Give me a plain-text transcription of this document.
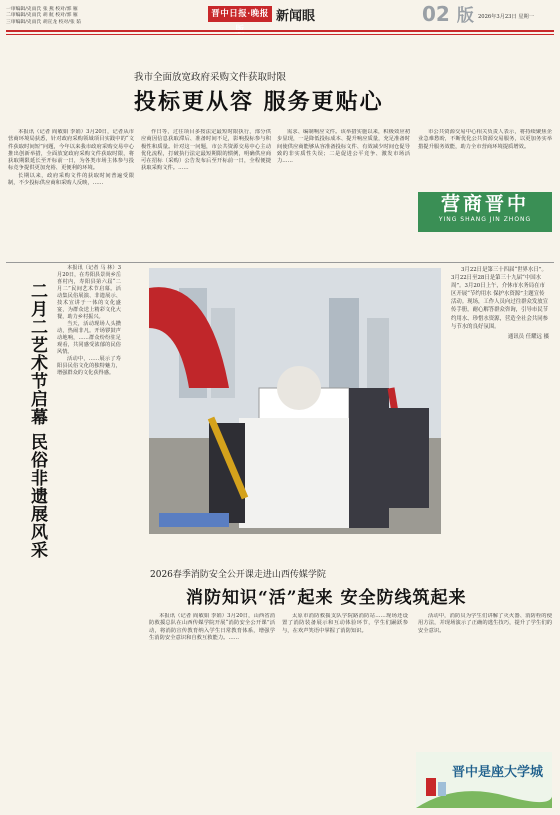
一审编辑/史雨氏 张 燕 校对/郭 雁
二审编辑/史雨氏 胡 航 校对/郭 雁
三审编辑/史雨氏 胡宣龙 校对/张 茹
晋中日报·晚报 新闻眼	02 版 2026年3月23日 星期一
我市全面放宽政府采购文件获取时限
投标更从容 服务更贴心

本报讯（记者 阎敏娟 李娟）3月20日，记者从市营商环境局获悉，针对政府采购领域项目实践中的“文件获取时间短”问题，今年以来我市政府采购交易中心推出创新举措，全面放宽政府采购文件获取时限，将获取期限延长至开标前一日，为各类市场主体参与投标竞争提供更加充裕、更便利的环境。

长期以来，政府采购文件的获取时间普遍受限制，不少投标供应商和采购人反映，……

作日等，过往项目多按法定最短时限执行，部分供应商因信息获取滞后、准备时间不足，影响投标参与积极性和质量。针对这一问题，市公共资源交易中心主动优化流程，打破执行法定最短期限的惯例，明确供应商可在招标（采购）公告发布后至开标前一日，全程便捷获取采购文件。……

需求、编制响应文件。该举措实施以来，积极效应初步显现，一是降低投标成本、提升响应质量，充足准备时间使供应商能够从容准备投标文件、有效减少时间仓促导致的非实质性失误；二是促进公平竞争、激发市场活力……

市公共资源交易中心相关负责人表示，将持续聚焦企业急难愁盼，不断优化公共资源交易服务，以更加务实举措提升服务效能，助力全市营商环境提质增效。

营商晋中
YING SHANG JIN ZHONG
二月二艺术节启幕 民俗非遗展风采

本报讯（记者 马 林）3月20日，在寿阳县景尚乡岳喜村内，寿阳县第六届“二月二”民间艺术节启幕。活动集民俗展演、非遗展示、技术宣讲于一体的文化盛宴，为群众送上精彩文化大餐，助力乡村振兴。

当天，活动现场人头攒动，热闹非凡。开场锣鼓声动地响，……群众纷纷驻足观看，共同感受浓郁的民俗风情。

活动中，……展示了寿阳县民俗文化的独特魅力，增强群众的文化获得感。

3月22日是第三十四届“世界水日”。3月22日至28日是第三十九届“中国水周”。3月20日上午，介休市水务局在市区开展“节约用水 保护水资源”主题宣传活动。现场，工作人员向过往群众发放宣传手册，耐心解答群众咨询，引导市民节约用水、珍惜水资源，营造全社会共同参与节水的良好氛围。

通讯员 任耀远 摄

2026春季消防安全公开课走进山西传媒学院
消防知识“活”起来 安全防线筑起来

本报讯（记者 阎敏娟 李娟）3月20日，山西省消防救援总队在山西传媒学院开展“消防安全公开课”活动，将消防宣传教育纳入学生日常教育体系，增强学生消防安全意识和自救互救能力。……

太原市消防救援支队学院路消防站……现场还设置了消防装备展示和互动体验环节，学生们踊跃参与，在欢声笑语中掌握了消防知识。

活动中，消防员为学生们讲解了灭火器、消防栓的使用方法，并现场演示了正确的逃生技巧，提升了学生们的安全意识。

晋中是座大学城
